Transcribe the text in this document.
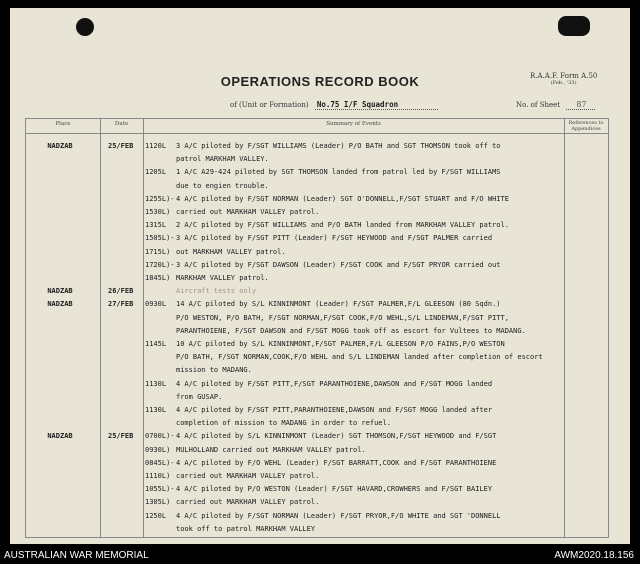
R.A.A.F. Form A.50
(Feb., '33)
OPERATIONS RECORD BOOK
of (Unit or Formation) No.75 I/F Squadron	No. of Sheet 87
Place	Date	Summary of Events	References to Appendices
NADZAB	25/FEB	1120L	3 A/C piloted by F/SGT WILLIAMS (Leader) P/O BATH and SGT THOMSON took off to
patrol MARKHAM VALLEY.
1205L	1 A/C A29-424 piloted by SGT THOMSON landed from patrol led by F/SGT WILLIAMS
due to engien trouble.
1255L)- 4 A/C piloted by F/SGT NORMAN (Leader) SGT O'DONNELL,F/SGT STUART and F/O WHITE
1530L) carried out MARKHAM VALLEY patrol.
1315L	2 A/C piloted by F/SGT WILLIAMS and P/O BATH landed from MARKHAM VALLEY patrol.
1505L)- 3 A/C piloted by F/SGT PITT (Leader) F/SGT HEYWOOD and F/SGT PALMER carried
1715L) out MARKHAM VALLEY patrol.
1720L)- 3 A/C piloted by F/SGT DAWSON (Leader) F/SGT COOK and F/SGT PRYOR carried out
1845L) MARKHAM VALLEY patrol.
NADZAB	26/FEB	Aircraft tests only
NADZAB	27/FEB	0930L	14 A/C piloted by S/L KINNINMONT (Leader) F/SGT PALMER,F/L GLEESON (80 Sqdn.)
P/O WESTON, P/O BATH, F/SGT NORMAN,F/SGT COOK,F/O WEHL,S/L LINDEMAN,F/SGT PITT,
PARANTHOIENE, F/SGT DAWSON and F/SGT MOGG took off as escort for Vultees to MADANG.
1145L	10 A/C piloted by S/L KINNINMONT,F/SGT PALMER,F/L GLEESON P/O FAINS,P/O WESTON
P/O BATH, F/SGT NORMAN,COOK,F/O WEHL and S/L LINDEMAN landed after completion of escort
mission to MADANG.
1130L	4 A/C piloted by F/SGT PITT,F/SGT PARANTHOIENE,DAWSON and F/SGT MOGG landed
from GUSAP.
1130L	4 A/C piloted by F/SGT PITT,PARANTHOIENE,DAWSON and F/SGT MOGG landed after
completion of mission to MADANG in order to refuel.
NADZAB	25/FEB	0700L)- 4 A/C piloted by S/L KINNINMONT (Leader) SGT THOMSON,F/SGT HEYWOOD and F/SGT
0930L) MULHOLLAND carried out MARKHAM VALLEY patrol.
0845L)- 4 A/C piloted by F/O WEHL (Leader) F/SGT BARRATT,COOK and F/SGT PARANTHOIENE
1110L) carried out MARKHAM VALLEY patrol.
1055L)- 4 A/C piloted by P/O WESTON (Leader) F/SGT HAVARD,CROWHERS and F/SGT BAILEY
1305L) carried out MARKHAM VALLEY patrol.
1250L	4 A/C piloted by F/SGT NORMAN (Leader) F/SGT PRYOR,F/O WHITE and SGT 'DONNELL
took off to patrol MARKHAM VALLEY
AUSTRALIAN WAR MEMORIAL	AWM2020.18.156
